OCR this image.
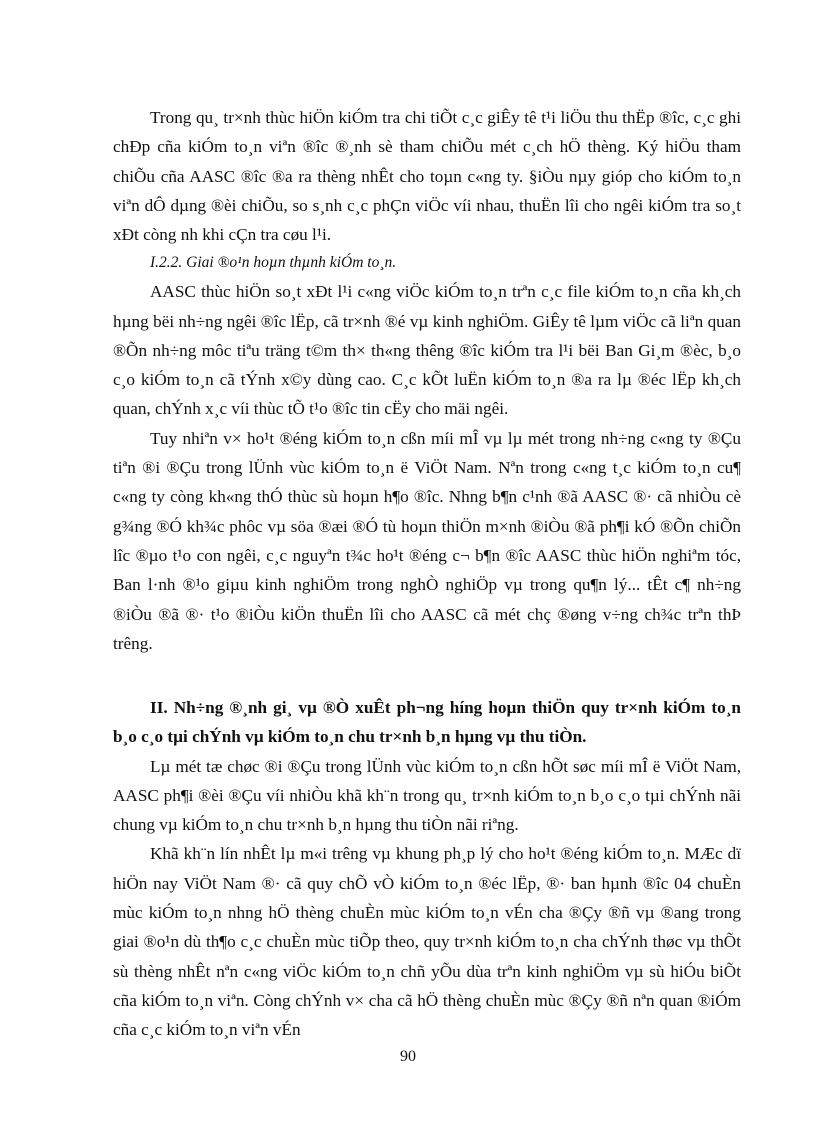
Trong qu¸ tr×nh thùc hiÖn kiÓm tra chi tiÕt c¸c giÊy tê t¹i liÖu thu thËp ®îc, c¸c ghi chÐp cña kiÓm to¸n viªn ®îc ®¸nh sè tham chiÕu mét c¸ch hÖ thèng. Ký hiÖu tham chiÕu cña AASC ®îc ®a ra thèng nhÊt cho toµn c«ng ty. §iÒu nµy gióp cho kiÓm to¸n viªn dÔ dµng ®èi chiÕu, so s¸nh c¸c phÇn viÖc víi nhau, thuËn lîi cho ngêi kiÓm tra so¸t xÐt còng nh khi cÇn tra cøu l¹i.

I.2.2. Giai ®o¹n hoµn thµnh kiÓm to¸n.

AASC thùc hiÖn so¸t xÐt l¹i c«ng viÖc kiÓm to¸n trªn c¸c file kiÓm to¸n cña kh¸ch hµng bëi nh÷ng ngêi ®îc lËp, cã tr×nh ®é vµ kinh nghiÖm. GiÊy tê lµm viÖc cã liªn quan ®Õn nh÷ng môc tiªu träng t©m th× th«ng thêng ®îc kiÓm tra l¹i bëi Ban Gi¸m ®èc, b¸o c¸o kiÓm to¸n cã tÝnh x©y dùng cao. C¸c kÕt luËn kiÓm to¸n ®a ra lµ ®éc lËp kh¸ch quan, chÝnh x¸c víi thùc tÕ t¹o ®îc tin cËy cho mäi ngêi.

Tuy nhiªn v× ho¹t ®éng kiÓm to¸n cßn míi mÎ vµ lµ mét trong nh÷ng c«ng ty ®Çu tiªn ®i ®Çu trong lÜnh vùc kiÓm to¸n ë ViÖt Nam. Nªn trong c«ng t¸c kiÓm to¸n cu¶ c«ng ty còng kh«ng thÓ thùc sù hoµn h¶o ®îc. Nhng b¶n c¹nh ®ã AASC ®· cã nhiÒu cè g¾ng ®Ó kh¾c phôc vµ söa ®æi ®Ó tù hoµn thiÖn m×nh ®iÒu ®ã ph¶i kÓ ®Õn chiÕn lîc ®µo t¹o con ngêi, c¸c nguyªn t¾c ho¹t ®éng c¬ b¶n ®îc AASC thùc hiÖn nghiªm tóc, Ban l·nh ®¹o giµu kinh nghiÖm trong nghÒ nghiÖp vµ trong qu¶n lý... tÊt c¶ nh÷ng ®iÒu ®ã ®· t¹o ®iÒu kiÖn thuËn lîi cho AASC cã mét chç ®øng v÷ng ch¾c trªn thÞ trêng.

II. Nh÷ng ®¸nh gi¸ vµ ®Ò xuÊt ph¬ng híng hoµn thiÖn quy tr×nh kiÓm to¸n b¸o c¸o tµi chÝnh vµ kiÓm to¸n chu tr×nh b¸n hµng vµ thu tiÒn.

Lµ mét tæ chøc ®i ®Çu trong lÜnh vùc kiÓm to¸n cßn hÕt søc míi mÎ ë ViÖt Nam, AASC ph¶i ®èi ®Çu víi nhiÒu khã kh¨n trong qu¸ tr×nh kiÓm to¸n b¸o c¸o tµi chÝnh nãi chung vµ kiÓm to¸n chu tr×nh b¸n hµng thu tiÒn nãi riªng.

Khã kh¨n lín nhÊt lµ m«i trêng vµ khung ph¸p lý cho ho¹t ®éng kiÓm to¸n. MÆc dï hiÖn nay ViÖt Nam ®· cã quy chÕ vÒ kiÓm to¸n ®éc lËp, ®· ban hµnh ®îc 04 chuÈn mùc kiÓm to¸n nhng hÖ thèng chuÈn mùc kiÓm to¸n vÉn cha ®Çy ®ñ vµ ®ang trong giai ®o¹n dù th¶o c¸c chuÈn mùc tiÕp theo, quy tr×nh kiÓm to¸n cha chÝnh thøc vµ thÕt sù thèng nhÊt nªn c«ng viÖc kiÓm to¸n chñ yÕu dùa trªn kinh nghiÖm vµ sù hiÓu biÕt cña kiÓm to¸n viªn. Còng chÝnh v× cha cã hÖ thèng chuÈn mùc ®Çy ®ñ nªn quan ®iÓm cña c¸c kiÓm to¸n viªn vÉn

90
